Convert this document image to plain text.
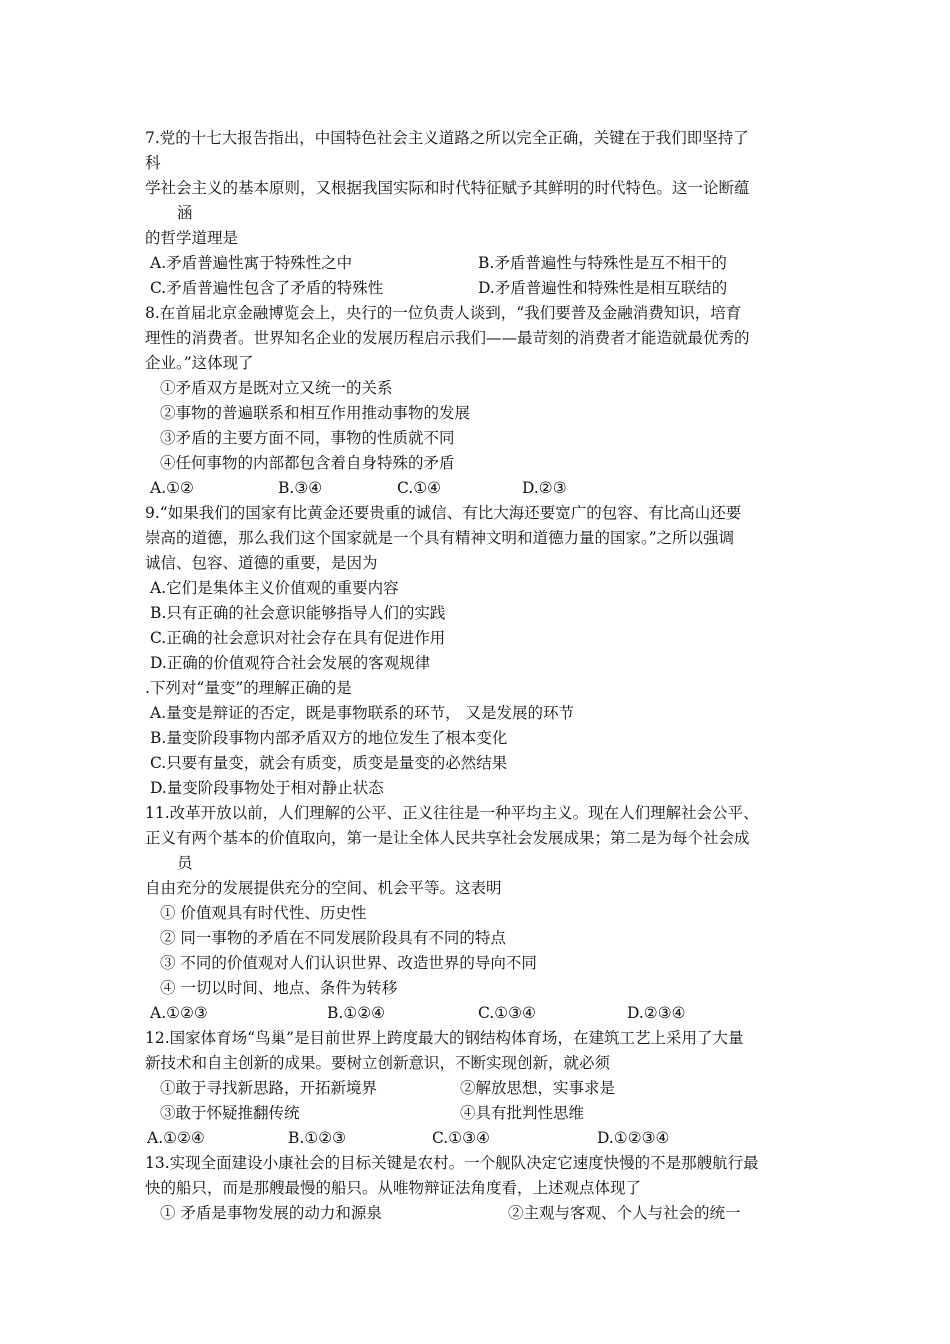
7.党的十七大报告指出，中国特色社会主义道路之所以完全正确，关键在于我们即坚持了
科
学社会主义的基本原则，又根据我国实际和时代特征赋予其鲜明的时代特色。这一论断蕴
涵
的哲学道理是
A.矛盾普遍性寓于特殊性之中	B.矛盾普遍性与特殊性是互不相干的
C.矛盾普遍性包含了矛盾的特殊性	D.矛盾普遍性和特殊性是相互联结的
8.在首届北京金融博览会上，央行的一位负责人谈到，“我们要普及金融消费知识，培育
理性的消费者。世界知名企业的发展历程启示我们——最苛刻的消费者才能造就最优秀的
企业。”这体现了
①矛盾双方是既对立又统一的关系
②事物的普遍联系和相互作用推动事物的发展
③矛盾的主要方面不同，事物的性质就不同
④任何事物的内部都包含着自身特殊的矛盾
A.①②	B.③④	C.①④	D.②③
9.“如果我们的国家有比黄金还要贵重的诚信、有比大海还要宽广的包容、有比高山还要
崇高的道德，那么我们这个国家就是一个具有精神文明和道德力量的国家。”之所以强调
诚信、包容、道德的重要，是因为
A.它们是集体主义价值观的重要内容
B.只有正确的社会意识能够指导人们的实践
C.正确的社会意识对社会存在具有促进作用
D.正确的价值观符合社会发展的客观规律
.下列对“量变”的理解正确的是
A.量变是辩证的否定，既是事物联系的环节， 又是发展的环节
B.量变阶段事物内部矛盾双方的地位发生了根本变化
C.只要有量变，就会有质变，质变是量变的必然结果
D.量变阶段事物处于相对静止状态
11.改革开放以前，人们理解的公平、正义往往是一种平均主义。现在人们理解社会公平、
正义有两个基本的价值取向，第一是让全体人民共享社会发展成果；第二是为每个社会成
员
自由充分的发展提供充分的空间、机会平等。这表明
① 价值观具有时代性、历史性
② 同一事物的矛盾在不同发展阶段具有不同的特点
③ 不同的价值观对人们认识世界、改造世界的导向不同
④ 一切以时间、地点、条件为转移
A.①②③	B.①②④	C.①③④	D.②③④
12.国家体育场“鸟巢”是目前世界上跨度最大的钢结构体育场，在建筑工艺上采用了大量
新技术和自主创新的成果。要树立创新意识，不断实现创新，就必须
①敢于寻找新思路，开拓新境界	②解放思想，实事求是
③敢于怀疑推翻传统	④具有批判性思维
A.①②④	B.①②③	C.①③④	D.①②③④
13.实现全面建设小康社会的目标关键是农村。一个舰队决定它速度快慢的不是那艘航行最
快的船只，而是那艘最慢的船只。从唯物辩证法角度看，上述观点体现了
① 矛盾是事物发展的动力和源泉	②主观与客观、个人与社会的统一
